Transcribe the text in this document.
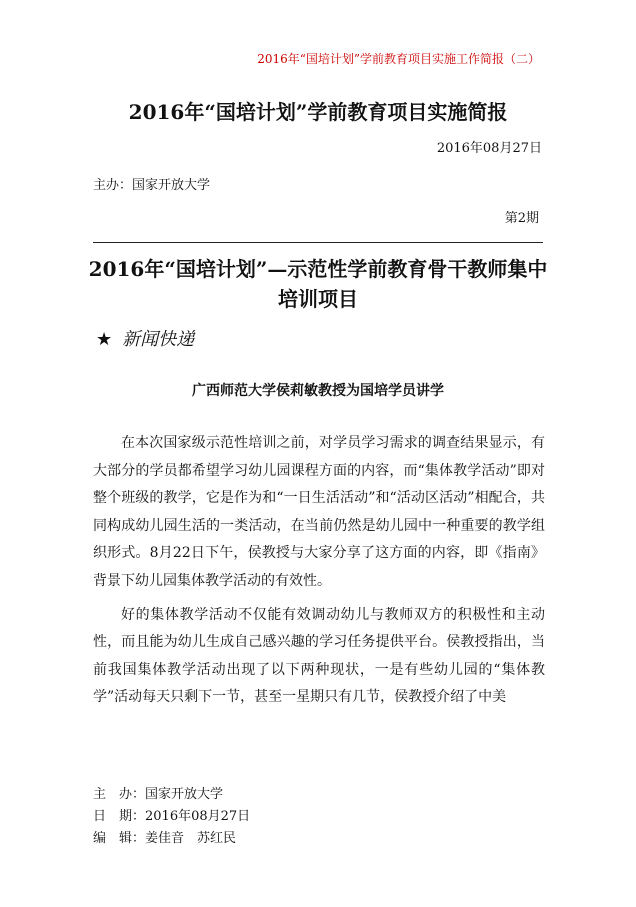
2016年“国培计划”学前教育项目实施工作简报（二）
2016年“国培计划”学前教育项目实施简报
2016年08月27日
主办：国家开放大学
第2期
2016年“国培计划”—示范性学前教育骨干教师集中培训项目
★ 新闻快递
广西师范大学侯莉敏教授为国培学员讲学

在本次国家级示范性培训之前，对学员学习需求的调查结果显示，有大部分的学员都希望学习幼儿园课程方面的内容，而“集体教学活动”即对整个班级的教学，它是作为和“一日生活活动”和“活动区活动”相配合，共同构成幼儿园生活的一类活动，在当前仍然是幼儿园中一种重要的教学组织形式。8月22日下午，侯教授与大家分享了这方面的内容，即《指南》背景下幼儿园集体教学活动的有效性。

好的集体教学活动不仅能有效调动幼儿与教师双方的积极性和主动性，而且能为幼儿生成自己感兴趣的学习任务提供平台。侯教授指出，当前我国集体教学活动出现了以下两种现状，一是有些幼儿园的“集体教学”活动每天只剩下一节，甚至一星期只有几节，侯教授介绍了中美

主　办：国家开放大学
日　期：2016年08月27日
编　辑：姜佳音　苏红民
